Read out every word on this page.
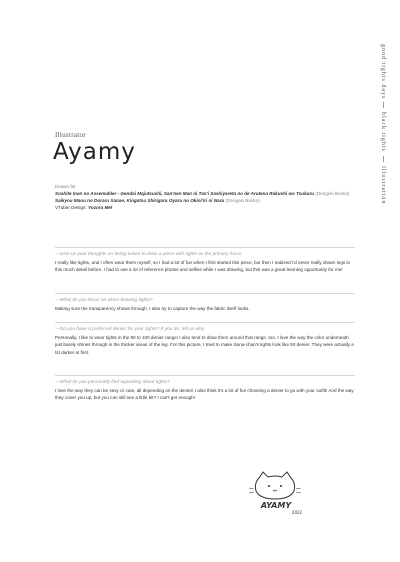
good tights days
black tights
Illustration
Illustrator
Ayamy
Known for
Soshite Inan no Assemabler - Gendai Majutsushi, San'nen Man ni Tan'i Sashiyareta no de Arutena Rakushi wo Tsukuru (Dengeki Bunko)
Saikyou Maou no Doraru Sanae, Kingatsu Shirigaru Oyaru no Okini'iri ni Naru (Dengeki Bunko)
VTuber Design: Yozora Mel
—Give us your thoughts on being asked to draw a piece with tights as the primary focus.
I really like tights, and I often wear them myself, so I had a lot of fun when I first started this piece, but then I realized I'd never really drawn legs in this much detail before. I had to use a lot of reference photos and selfies while I was drawing, but this was a great learning opportunity for me!
—What do you focus on when drawing tights?
Making sure the transparency shows through. I also try to capture the way the fabric itself looks.
—Do you have a preferred denier for your tights? If you do, tell us why.
Personally, I like to wear tights in the 80 to 100 denier range! I also tend to draw them around that range, too. I love the way the color underneath just barely shines through in the thicker areas of the leg. For this picture, I tried to make Sana-chan's tights look like 50 denier. They were actually a lot darker at first.
—What do you personally find appealing about tights?
I love the way they can be sexy or cute, all depending on the denier! I also think it's a lot of fun choosing a denier to go with your outfit! And the way they cover you up, but you can still see a little bit? I can't get enough!
AYAMY
2022
